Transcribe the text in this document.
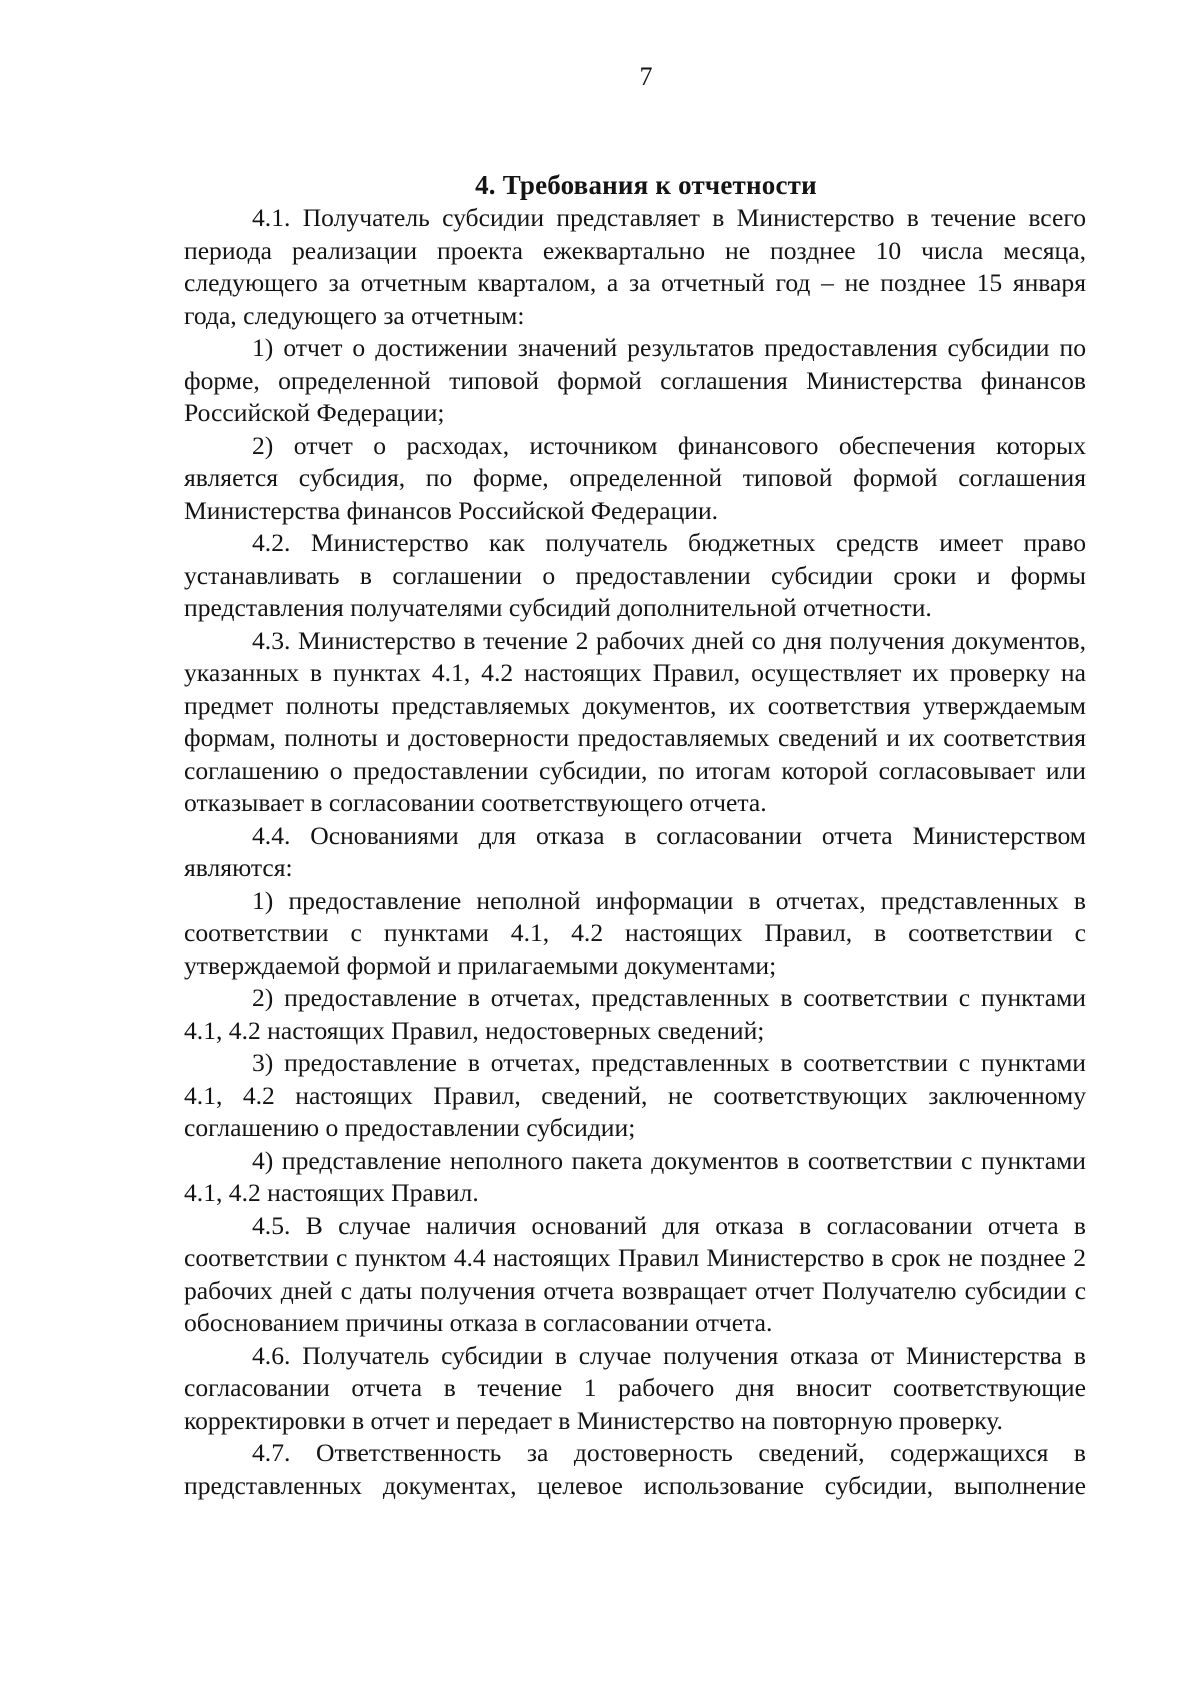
7
4. Требования к отчетности

4.1. Получатель субсидии представляет в Министерство в течение всего периода реализации проекта ежеквартально не позднее 10 числа месяца, следующего за отчетным кварталом, а за отчетный год – не позднее 15 января года, следующего за отчетным:

1) отчет о достижении значений результатов предоставления субсидии по форме, определенной типовой формой соглашения Министерства финансов Российской Федерации;

2) отчет о расходах, источником финансового обеспечения которых является субсидия, по форме, определенной типовой формой соглашения Министерства финансов Российской Федерации.

4.2. Министерство как получатель бюджетных средств имеет право устанавливать в соглашении о предоставлении субсидии сроки и формы представления получателями субсидий дополнительной отчетности.

4.3. Министерство в течение 2 рабочих дней со дня получения документов, указанных в пунктах 4.1, 4.2 настоящих Правил, осуществляет их проверку на предмет полноты представляемых документов, их соответствия утверждаемым формам, полноты и достоверности предоставляемых сведений и их соответствия соглашению о предоставлении субсидии, по итогам которой согласовывает или отказывает в согласовании соответствующего отчета.

4.4. Основаниями для отказа в согласовании отчета Министерством являются:

1) предоставление неполной информации в отчетах, представленных в соответствии с пунктами 4.1, 4.2 настоящих Правил, в соответствии с утверждаемой формой и прилагаемыми документами;

2) предоставление в отчетах, представленных в соответствии с пунктами 4.1, 4.2 настоящих Правил, недостоверных сведений;

3) предоставление в отчетах, представленных в соответствии с пунктами 4.1, 4.2 настоящих Правил, сведений, не соответствующих заключенному соглашению о предоставлении субсидии;

4) представление неполного пакета документов в соответствии с пунктами 4.1, 4.2 настоящих Правил.

4.5. В случае наличия оснований для отказа в согласовании отчета в соответствии с пунктом 4.4 настоящих Правил Министерство в срок не позднее 2 рабочих дней с даты получения отчета возвращает отчет Получателю субсидии с обоснованием причины отказа в согласовании отчета.

4.6. Получатель субсидии в случае получения отказа от Министерства в согласовании отчета в течение 1 рабочего дня вносит соответствующие корректировки в отчет и передает в Министерство на повторную проверку.

4.7. Ответственность за достоверность сведений, содержащихся в представленных документах, целевое использование субсидии, выполнение
